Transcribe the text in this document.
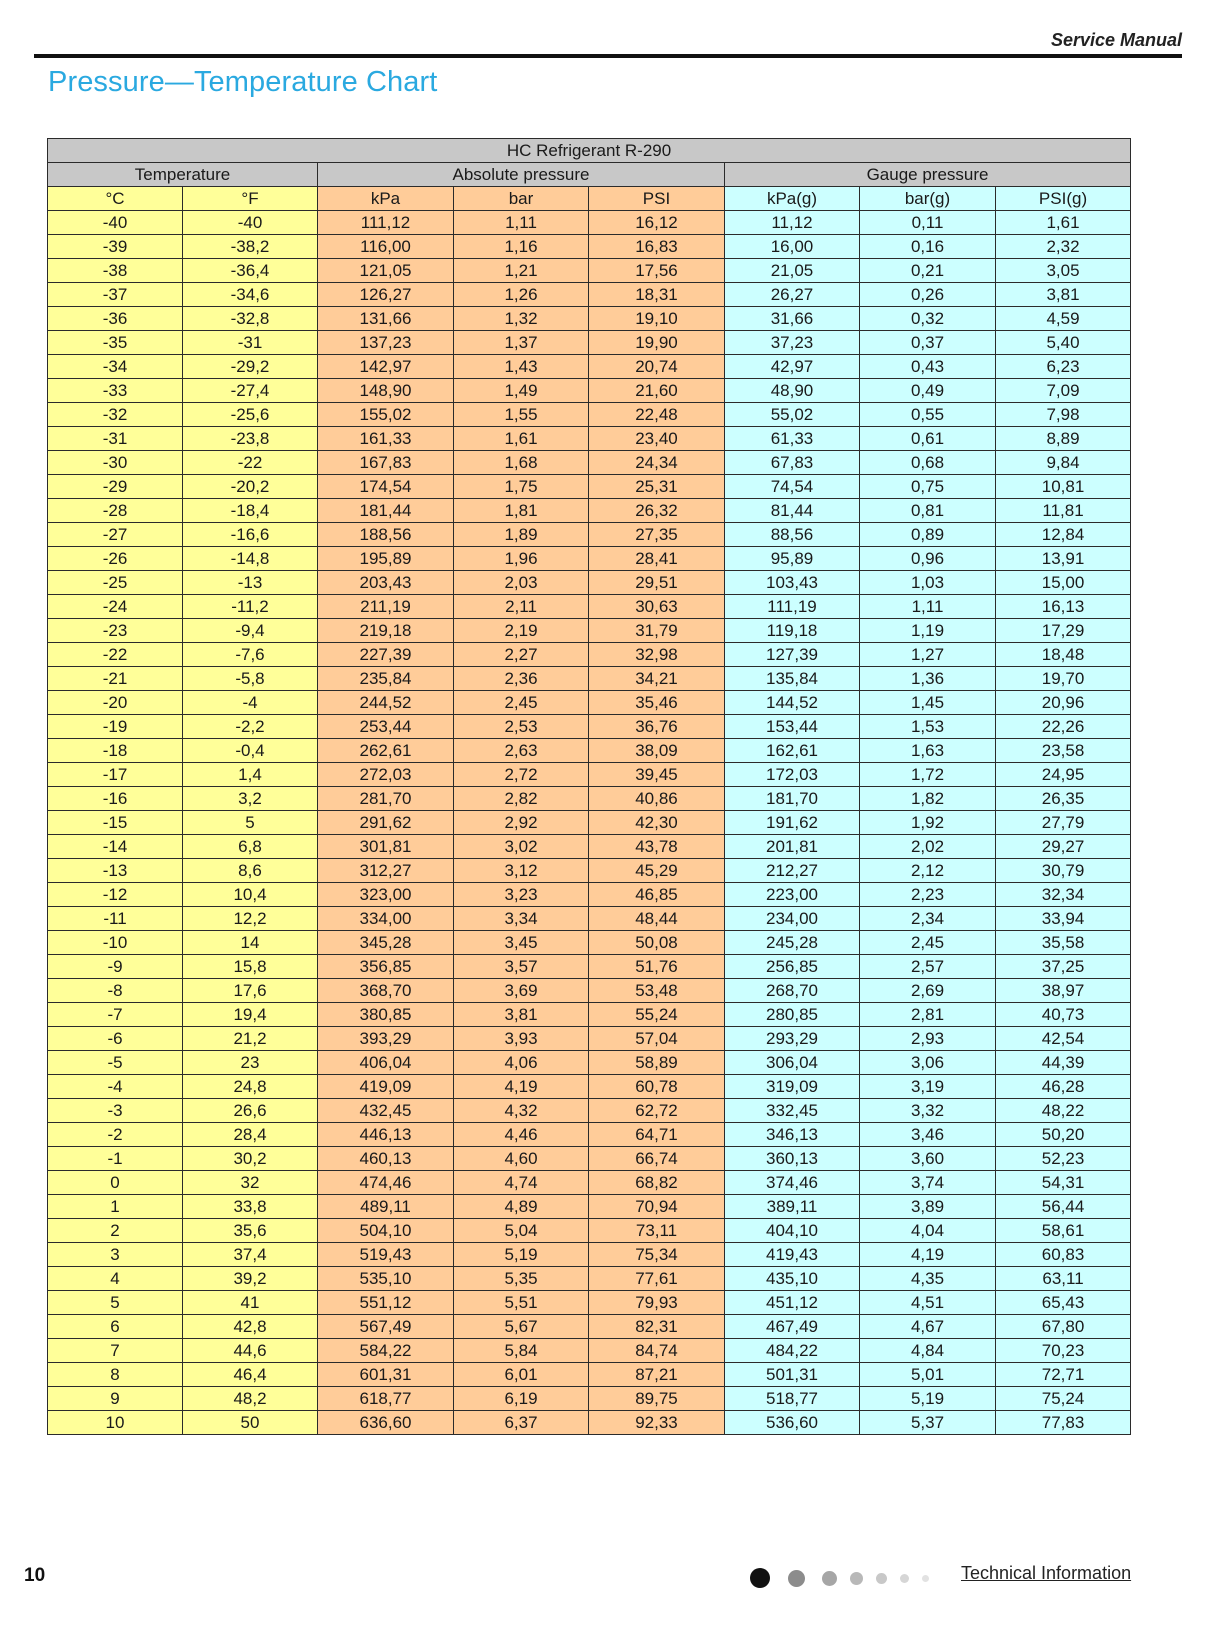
Service Manual
Pressure—Temperature Chart
HC Refrigerant R-290							
Temperature		Absolute pressure			Gauge pressure		
°C	°F	kPa	bar	PSI	kPa(g)	bar(g)	PSI(g)
-40	-40	111,12	1,11	16,12	11,12	0,11	1,61
-39	-38,2	116,00	1,16	16,83	16,00	0,16	2,32
-38	-36,4	121,05	1,21	17,56	21,05	0,21	3,05
-37	-34,6	126,27	1,26	18,31	26,27	0,26	3,81
-36	-32,8	131,66	1,32	19,10	31,66	0,32	4,59
-35	-31	137,23	1,37	19,90	37,23	0,37	5,40
-34	-29,2	142,97	1,43	20,74	42,97	0,43	6,23
-33	-27,4	148,90	1,49	21,60	48,90	0,49	7,09
-32	-25,6	155,02	1,55	22,48	55,02	0,55	7,98
-31	-23,8	161,33	1,61	23,40	61,33	0,61	8,89
-30	-22	167,83	1,68	24,34	67,83	0,68	9,84
-29	-20,2	174,54	1,75	25,31	74,54	0,75	10,81
-28	-18,4	181,44	1,81	26,32	81,44	0,81	11,81
-27	-16,6	188,56	1,89	27,35	88,56	0,89	12,84
-26	-14,8	195,89	1,96	28,41	95,89	0,96	13,91
-25	-13	203,43	2,03	29,51	103,43	1,03	15,00
-24	-11,2	211,19	2,11	30,63	111,19	1,11	16,13
-23	-9,4	219,18	2,19	31,79	119,18	1,19	17,29
-22	-7,6	227,39	2,27	32,98	127,39	1,27	18,48
-21	-5,8	235,84	2,36	34,21	135,84	1,36	19,70
-20	-4	244,52	2,45	35,46	144,52	1,45	20,96
-19	-2,2	253,44	2,53	36,76	153,44	1,53	22,26
-18	-0,4	262,61	2,63	38,09	162,61	1,63	23,58
-17	1,4	272,03	2,72	39,45	172,03	1,72	24,95
-16	3,2	281,70	2,82	40,86	181,70	1,82	26,35
-15	5	291,62	2,92	42,30	191,62	1,92	27,79
-14	6,8	301,81	3,02	43,78	201,81	2,02	29,27
-13	8,6	312,27	3,12	45,29	212,27	2,12	30,79
-12	10,4	323,00	3,23	46,85	223,00	2,23	32,34
-11	12,2	334,00	3,34	48,44	234,00	2,34	33,94
-10	14	345,28	3,45	50,08	245,28	2,45	35,58
-9	15,8	356,85	3,57	51,76	256,85	2,57	37,25
-8	17,6	368,70	3,69	53,48	268,70	2,69	38,97
-7	19,4	380,85	3,81	55,24	280,85	2,81	40,73
-6	21,2	393,29	3,93	57,04	293,29	2,93	42,54
-5	23	406,04	4,06	58,89	306,04	3,06	44,39
-4	24,8	419,09	4,19	60,78	319,09	3,19	46,28
-3	26,6	432,45	4,32	62,72	332,45	3,32	48,22
-2	28,4	446,13	4,46	64,71	346,13	3,46	50,20
-1	30,2	460,13	4,60	66,74	360,13	3,60	52,23
0	32	474,46	4,74	68,82	374,46	3,74	54,31
1	33,8	489,11	4,89	70,94	389,11	3,89	56,44
2	35,6	504,10	5,04	73,11	404,10	4,04	58,61
3	37,4	519,43	5,19	75,34	419,43	4,19	60,83
4	39,2	535,10	5,35	77,61	435,10	4,35	63,11
5	41	551,12	5,51	79,93	451,12	4,51	65,43
6	42,8	567,49	5,67	82,31	467,49	4,67	67,80
7	44,6	584,22	5,84	84,74	484,22	4,84	70,23
8	46,4	601,31	6,01	87,21	501,31	5,01	72,71
9	48,2	618,77	6,19	89,75	518,77	5,19	75,24
10	50	636,60	6,37	92,33	536,60	5,37	77,83
10	Technical Information
